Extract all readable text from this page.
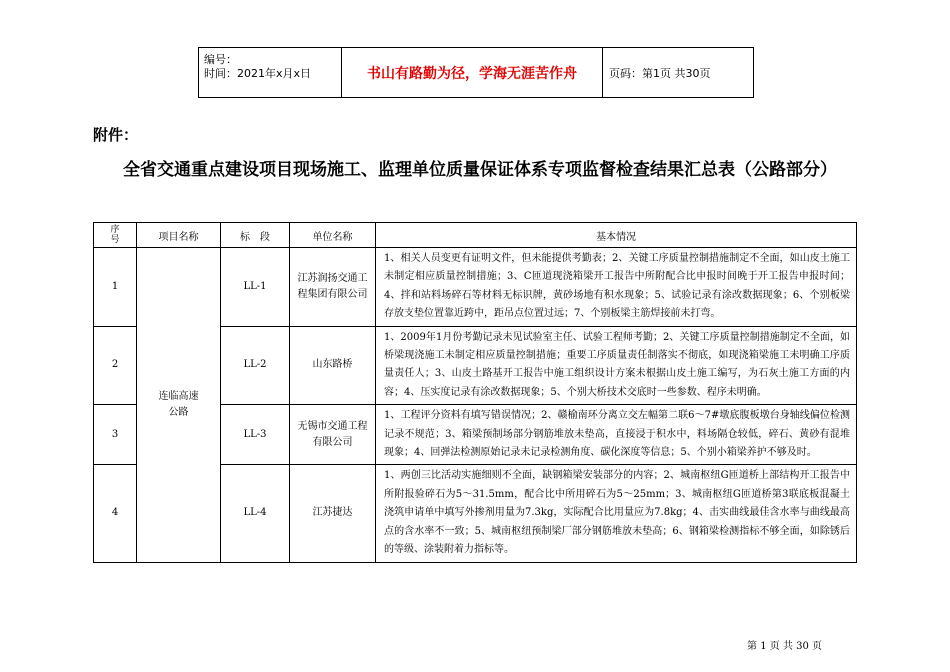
编号：
时间：2021年x月x日	书山有路勤为径，学海无涯苦作舟	页码：第1页 共30页
附件：
全省交通重点建设项目现场施工、监理单位质量保证体系专项监督检查结果汇总表（公路部分）
序号	项目名称	标　段	单位名称	基本情况
1	连临高速公路	LL-1	江苏润扬交通工程集团有限公司	1、相关人员变更有证明文件，但未能提供考勤表；2、关键工序质量控制措施制定不全面，如山皮土施工未制定相应质量控制措施；3、C匝道现浇箱梁开工报告中所附配合比申报时间晚于开工报告申报时间；4、拌和站料场碎石等材料无标识牌，黄砂场地有积水现象；5、试验记录有涂改数据现象；6、个别板梁存放支垫位置靠近跨中，距吊点位置过远；7、个别板梁主筋焊接前未打弯。
2		LL-2	山东路桥	1、2009年1月份考勤记录未见试验室主任、试验工程师考勤；2、关键工序质量控制措施制定不全面，如桥梁现浇施工未制定相应质量控制措施；重要工序质量责任制落实不彻底，如现浇箱梁施工未明确工序质量责任人；3、山皮土路基开工报告中施工组织设计方案未根据山皮土施工编写，为石灰土施工方面的内容；4、压实度记录有涂改数据现象；5、个别大桥技术交底时一些参数、程序未明确。
3		LL-3	无锡市交通工程有限公司	1、工程评分资料有填写错误情况；2、赣榆南环分离立交左幅第二联6～7#墩底腹板墩台身轴线偏位检测记录不规范；3、箱梁预制场部分钢筋堆放未垫高，直接浸于积水中，料场隔仓较低，碎石、黄砂有混堆现象；4、回弹法检测原始记录未记录检测角度、碳化深度等信息；5、个别小箱梁养护不够及时。
4		LL-4	江苏捷达	1、两创三比活动实施细则不全面，缺钢箱梁安装部分的内容；2、城南枢纽G匝道桥上部结构开工报告中所附报验碎石为5～31.5mm，配合比中所用碎石为5～25mm；3、城南枢纽G匝道桥第3联底板混凝土浇筑申请单中填写外掺剂用量为7.3kg，实际配合比用量应为7.8kg；4、击实曲线最佳含水率与曲线最高点的含水率不一致；5、城南枢纽预制梁厂部分钢筋堆放未垫高；6、钢箱梁检测指标不够全面，如除锈后的等级、涂装附着力指标等。
第 1 页 共 30 页
